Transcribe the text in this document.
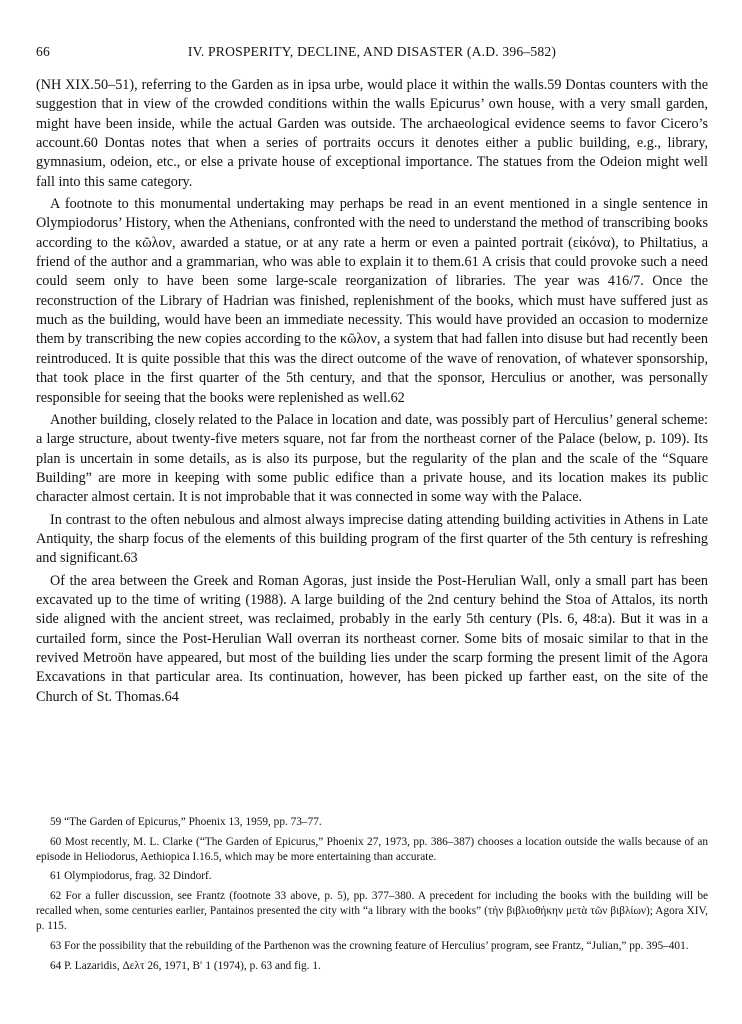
66	IV. PROSPERITY, DECLINE, AND DISASTER (A.D. 396–582)

(NH XIX.50–51), referring to the Garden as in ipsa urbe, would place it within the walls.59 Dontas counters with the suggestion that in view of the crowded conditions within the walls Epicurus’ own house, with a very small garden, might have been inside, while the actual Garden was outside. The archaeological evidence seems to favor Cicero’s account.60 Dontas notes that when a series of portraits occurs it denotes either a public building, e.g., library, gymnasium, odeion, etc., or else a private house of exceptional importance. The statues from the Odeion might well fall into this same category.

A footnote to this monumental undertaking may perhaps be read in an event mentioned in a single sentence in Olympiodorus’ History, when the Athenians, confronted with the need to understand the method of transcribing books according to the κῶλον, awarded a statue, or at any rate a herm or even a painted portrait (εἰκόνα), to Philtatius, a friend of the author and a grammarian, who was able to explain it to them.61 A crisis that could provoke such a need could seem only to have been some large-scale reorganization of libraries. The year was 416/7. Once the reconstruction of the Library of Hadrian was finished, replenishment of the books, which must have suffered just as much as the building, would have been an immediate necessity. This would have provided an occasion to modernize them by transcribing the new copies according to the κῶλον, a system that had fallen into disuse but had recently been reintroduced. It is quite possible that this was the direct outcome of the wave of renovation, of whatever sponsorship, that took place in the first quarter of the 5th century, and that the sponsor, Herculius or another, was personally responsible for seeing that the books were replenished as well.62

Another building, closely related to the Palace in location and date, was possibly part of Herculius’ general scheme: a large structure, about twenty-five meters square, not far from the northeast corner of the Palace (below, p. 109). Its plan is uncertain in some details, as is also its purpose, but the regularity of the plan and the scale of the “Square Building” are more in keeping with some public edifice than a private house, and its location makes its public character almost certain. It is not improbable that it was connected in some way with the Palace.

In contrast to the often nebulous and almost always imprecise dating attending building activities in Athens in Late Antiquity, the sharp focus of the elements of this building program of the first quarter of the 5th century is refreshing and significant.63

Of the area between the Greek and Roman Agoras, just inside the Post-Herulian Wall, only a small part has been excavated up to the time of writing (1988). A large building of the 2nd century behind the Stoa of Attalos, its north side aligned with the ancient street, was reclaimed, probably in the early 5th century (Pls. 6, 48:a). But it was in a curtailed form, since the Post-Herulian Wall overran its northeast corner. Some bits of mosaic similar to that in the revived Metroön have appeared, but most of the building lies under the scarp forming the present limit of the Agora Excavations in that particular area. Its continuation, however, has been picked up farther east, on the site of the Church of St. Thomas.64

59 “The Garden of Epicurus,” Phoenix 13, 1959, pp. 73–77.

60 Most recently, M. L. Clarke (“The Garden of Epicurus,” Phoenix 27, 1973, pp. 386–387) chooses a location outside the walls because of an episode in Heliodorus, Aethiopica I.16.5, which may be more entertaining than accurate.

61 Olympiodorus, frag. 32 Dindorf.

62 For a fuller discussion, see Frantz (footnote 33 above, p. 5), pp. 377–380. A precedent for including the books with the building will be recalled when, some centuries earlier, Pantainos presented the city with “a library with the books” (τὴν βιβλιοθήκην μετὰ τῶν βιβλίων); Agora XIV, p. 115.

63 For the possibility that the rebuilding of the Parthenon was the crowning feature of Herculius’ program, see Frantz, “Julian,” pp. 395–401.

64 P. Lazaridis, Δελτ 26, 1971, Β′ 1 (1974), p. 63 and fig. 1.
